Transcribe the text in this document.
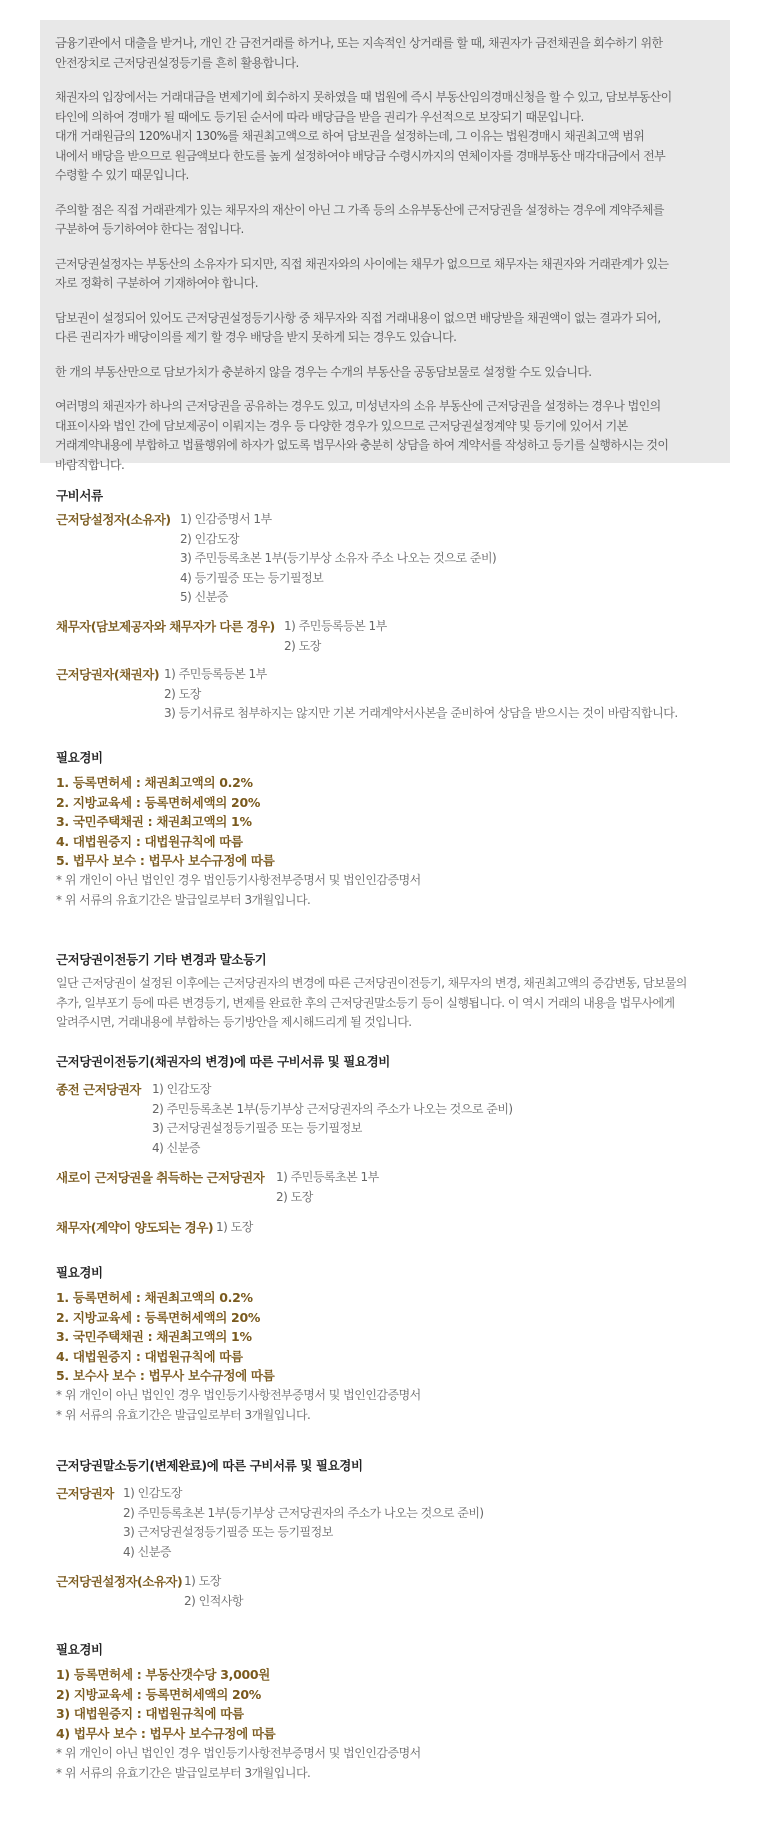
금융기관에서 대출을 받거나, 개인 간 금전거래를 하거나, 또는 지속적인 상거래를 할 때, 채권자가 금전채권을 회수하기 위한
안전장치로 근저당권설정등기를 흔히 활용합니다.

채권자의 입장에서는 거래대금을 변제기에 회수하지 못하였을 때 법원에 즉시 부동산임의경매신청을 할 수 있고, 담보부동산이
타인에 의하여 경매가 될 때에도 등기된 순서에 따라 배당금을 받을 권리가 우선적으로 보장되기 때문입니다.
대개 거래원금의 120%내지 130%를 채권최고액으로 하여 담보권을 설정하는데, 그 이유는 법원경매시 채권최고액 범위
내에서 배당을 받으므로 원금액보다 한도를 높게 설정하여야 배당금 수령시까지의 연체이자를 경매부동산 매각대금에서 전부
수령할 수 있기 때문입니다.

주의할 점은 직접 거래관계가 있는 채무자의 재산이 아닌 그 가족 등의 소유부동산에 근저당권을 설정하는 경우에 계약주체를
구분하여 등기하여야 한다는 점입니다.

근저당권설정자는 부동산의 소유자가 되지만, 직접 채권자와의 사이에는 채무가 없으므로 채무자는 채권자와 거래관계가 있는
자로 정확히 구분하여 기재하여야 합니다.

담보권이 설정되어 있어도 근저당권설정등기사항 중 채무자와 직접 거래내용이 없으면 배당받을 채권액이 없는 결과가 되어,
다른 권리자가 배당이의를 제기 할 경우 배당을 받지 못하게 되는 경우도 있습니다.

한 개의 부동산만으로 담보가치가 충분하지 않을 경우는 수개의 부동산을 공동담보물로 설정할 수도 있습니다.

여러명의 채권자가 하나의 근저당권을 공유하는 경우도 있고, 미성년자의 소유 부동산에 근저당권을 설정하는 경우나 법인의
대표이사와 법인 간에 담보제공이 이뤄지는 경우 등 다양한 경우가 있으므로 근저당권설정계약 및 등기에 있어서 기본
거래계약내용에 부합하고 법률행위에 하자가 없도록 법무사와 충분히 상담을 하여 계약서를 작성하고 등기를 실행하시는 것이
바람직합니다.

구비서류
근저당설정자(소유자) 1) 인감증명서 1부
2) 인감도장
3) 주민등록초본 1부(등기부상 소유자 주소 나오는 것으로 준비)
4) 등기필증 또는 등기필정보
5) 신분증
채무자(담보제공자와 채무자가 다른 경우) 1) 주민등록등본 1부
2) 도장
근저당권자(채권자) 1) 주민등록등본 1부
2) 도장
3) 등기서류로 첨부하지는 않지만 기본 거래계약서사본을 준비하여 상담을 받으시는 것이 바람직합니다.
필요경비
1. 등록면허세 : 채권최고액의 0.2%
2. 지방교육세 : 등록면허세액의 20%
3. 국민주택채권 : 채권최고액의 1%
4. 대법원증지 : 대법원규칙에 따름
5. 법무사 보수 : 법무사 보수규정에 따름
* 위 개인이 아닌 법인인 경우 법인등기사항전부증명서 및 법인인감증명서
* 위 서류의 유효기간은 발급일로부터 3개월입니다.
근저당권이전등기 기타 변경과 말소등기
일단 근저당권이 설정된 이후에는 근저당권자의 변경에 따른 근저당권이전등기, 채무자의 변경, 채권최고액의 증감변동, 담보물의
추가, 일부포기 등에 따른 변경등기, 변제를 완료한 후의 근저당권말소등기 등이 실행됩니다. 이 역시 거래의 내용을 법무사에게
알려주시면, 거래내용에 부합하는 등기방안을 제시해드리게 될 것입니다.
근저당권이전등기(채권자의 변경)에 따른 구비서류 및 필요경비
종전 근저당권자 1) 인감도장
2) 주민등록초본 1부(등기부상 근저당권자의 주소가 나오는 것으로 준비)
3) 근저당권설정등기필증 또는 등기필정보
4) 신분증
새로이 근저당권을 취득하는 근저당권자 1) 주민등록초본 1부
2) 도장
채무자(계약이 양도되는 경우) 1) 도장
필요경비
1. 등록면허세 : 채권최고액의 0.2%
2. 지방교육세 : 등록면허세액의 20%
3. 국민주택채권 : 채권최고액의 1%
4. 대법원증지 : 대법원규칙에 따름
5. 보수사 보수 : 법무사 보수규정에 따름
* 위 개인이 아닌 법인인 경우 법인등기사항전부증명서 및 법인인감증명서
* 위 서류의 유효기간은 발급일로부터 3개월입니다.
근저당권말소등기(변제완료)에 따른 구비서류 및 필요경비
근저당권자 1) 인감도장
2) 주민등록초본 1부(등기부상 근저당권자의 주소가 나오는 것으로 준비)
3) 근저당권설정등기필증 또는 등기필정보
4) 신분증
근저당권설정자(소유자) 1) 도장
2) 인적사항
필요경비
1) 등록면허세 : 부동산갯수당 3,000원
2) 지방교육세 : 등록면허세액의 20%
3) 대법원증지 : 대법원규칙에 따름
4) 법무사 보수 : 법무사 보수규정에 따름
* 위 개인이 아닌 법인인 경우 법인등기사항전부증명서 및 법인인감증명서
* 위 서류의 유효기간은 발급일로부터 3개월입니다.
